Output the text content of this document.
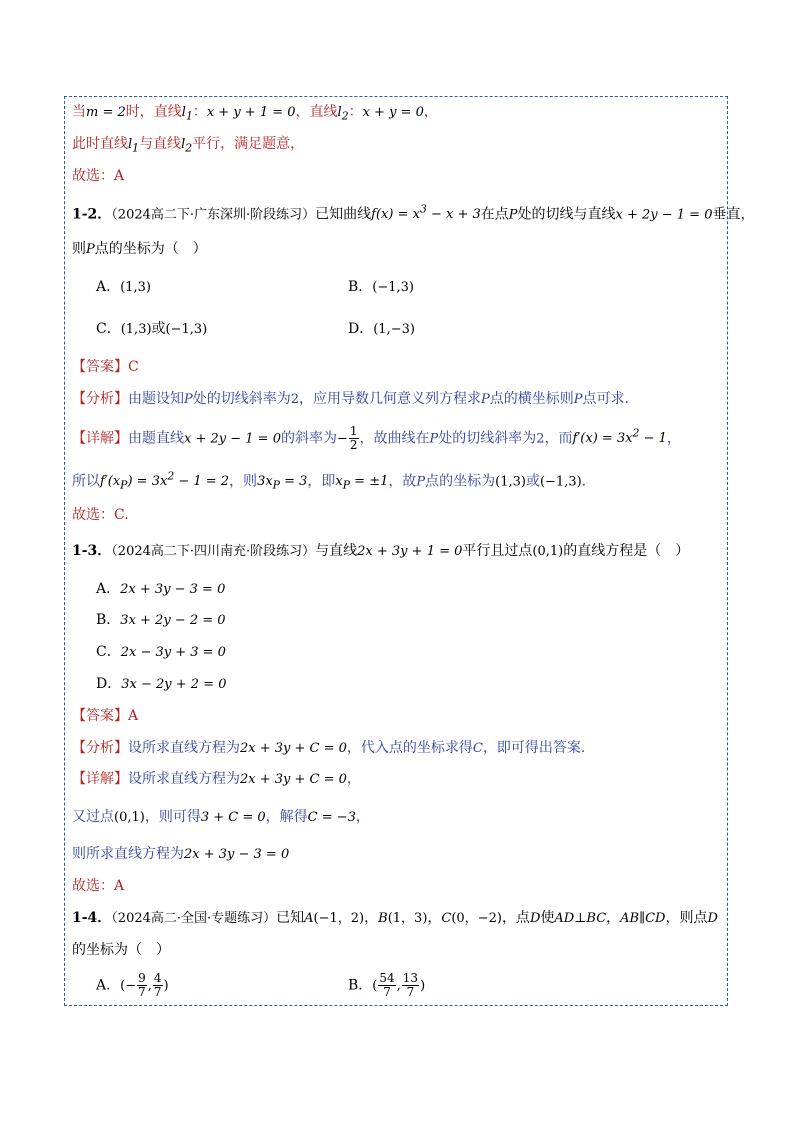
当m = 2时，直线$l_1$：x + y + 1 = 0，直线$l_2$：x + y = 0，
此时直线$l_1$与直线$l_2$平行，满足题意，
故选：A
1-2．（2024高二下·广东深圳·阶段练习）已知曲线$f(x) = x^3 - x + 3$在点P处的切线与直线x + 2y − 1 = 0垂直，
则P点的坐标为（　）
A．(1,3)	B．(−1,3)
C．(1,3)或(−1,3)	D．(1,−3)
【答案】C
【分析】由题设知P处的切线斜率为2，应用导数几何意义列方程求P点的横坐标则P点可求.
【详解】由题直线x + 2y − 1 = 0的斜率为− $\frac{1}{2}$ ，故曲线在P处的切线斜率为2，而$f'(x) = 3x^2 - 1$，
所以$f'(x_P) = 3x^2 - 1 = 2$，则$3x_P = 3$，即$x_P = \pm 1$，故P点的坐标为(1,3)或(−1,3).
故选：C.
1-3．（2024高二下·四川南充·阶段练习）与直线2x + 3y + 1 = 0平行且过点(0,1)的直线方程是（　）
A．2x + 3y − 3 = 0
B．3x + 2y − 2 = 0
C．2x − 3y + 3 = 0
D．3x − 2y + 2 = 0
【答案】A
【分析】设所求直线方程为2x + 3y + C = 0，代入点的坐标求得C，即可得出答案.
【详解】设所求直线方程为2x + 3y + C = 0，
又过点(0,1)，则可得3 + C = 0，解得C = −3，
则所求直线方程为2x + 3y − 3 = 0
故选：A
1-4．（2024高二·全国·专题练习）已知A(−1，2)，B(1，3)，C(0，−2)，点D使AD⊥BC，AB∥CD，则点D
的坐标为（　）
A．(− $\frac{9}{7}$ , $\frac{4}{7}$ )	B．( $\frac{54}{7}$ , $\frac{13}{7}$ )
